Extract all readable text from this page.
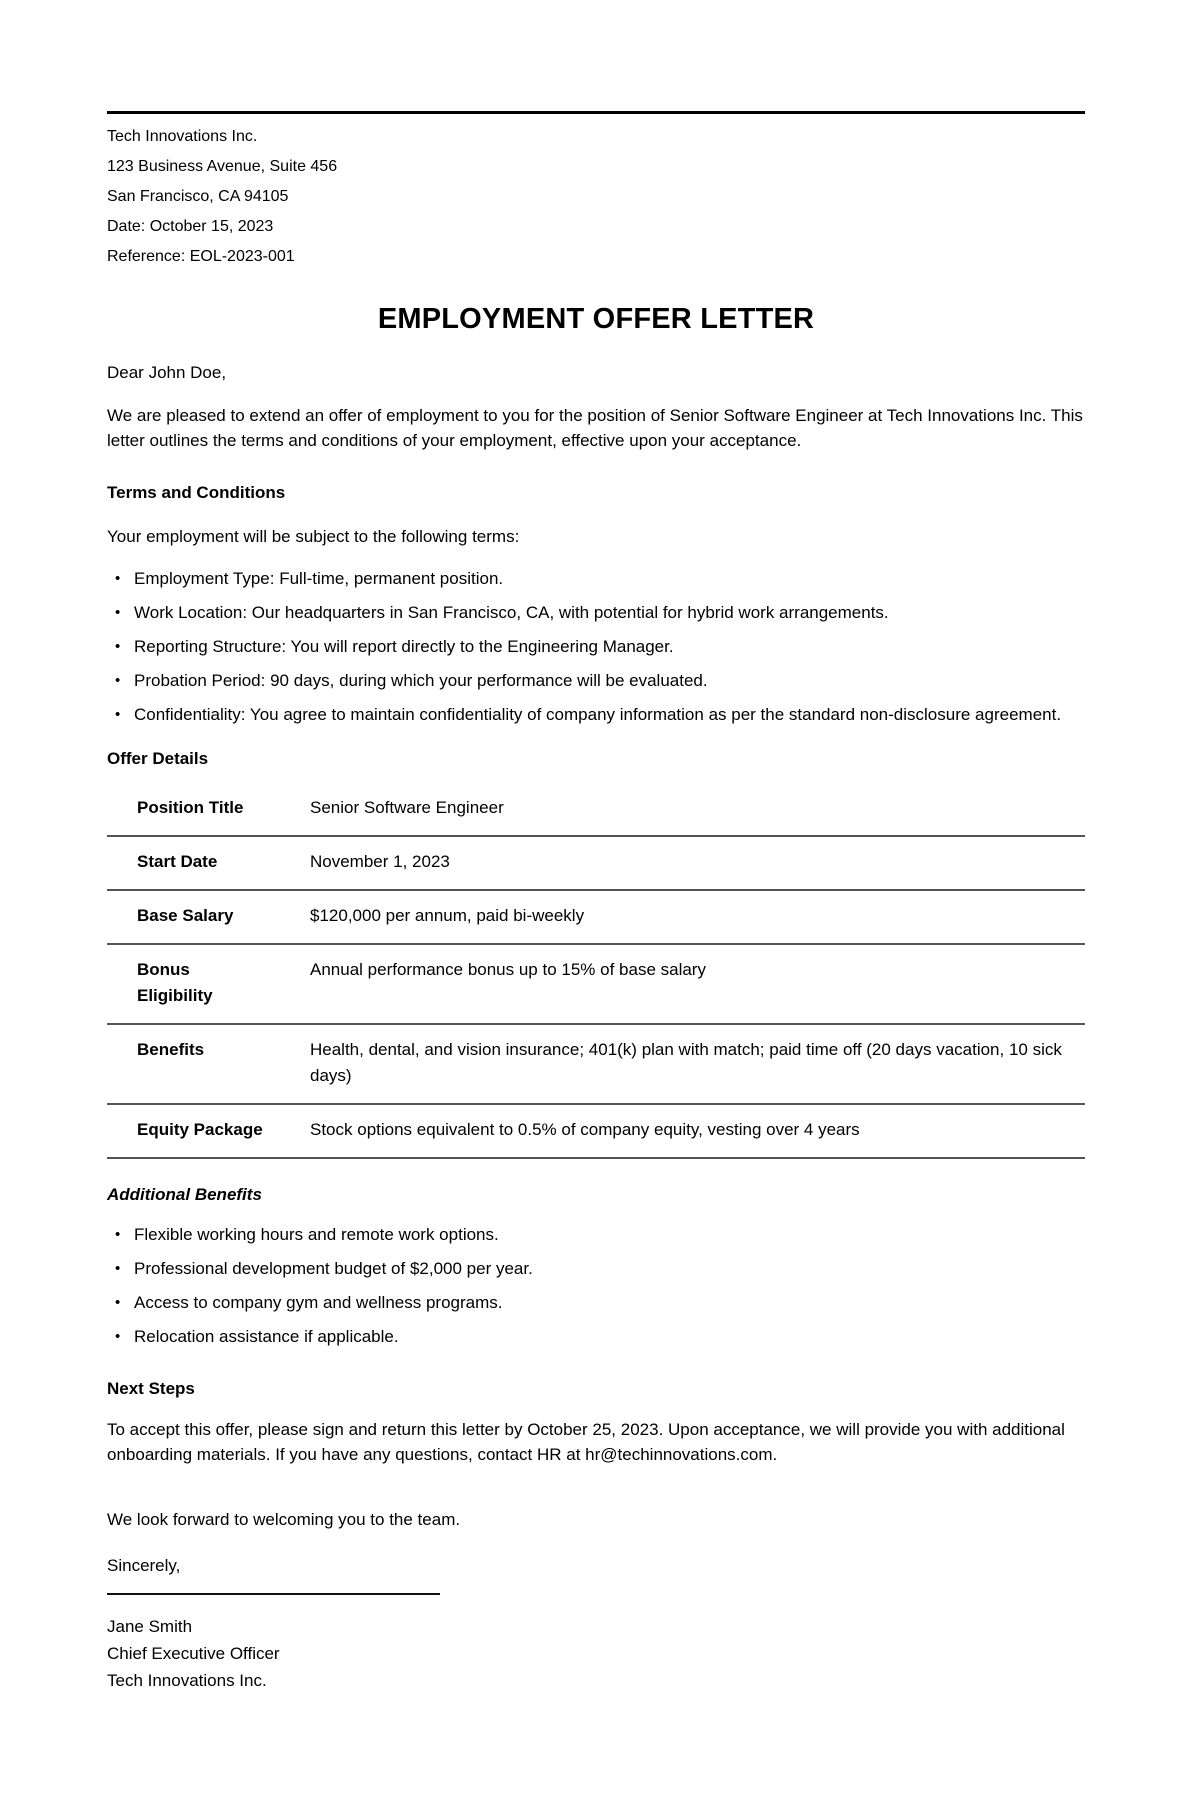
Tech Innovations Inc.

123 Business Avenue, Suite 456

San Francisco, CA 94105

Date: October 15, 2023

Reference: EOL-2023-001

EMPLOYMENT OFFER LETTER

Dear John Doe,

We are pleased to extend an offer of employment to you for the position of Senior Software Engineer at Tech Innovations Inc. This letter outlines the terms and conditions of your employment, effective upon your acceptance.

Terms and Conditions

Your employment will be subject to the following terms:

• Employment Type: Full-time, permanent position.
• Work Location: Our headquarters in San Francisco, CA, with potential for hybrid work arrangements.
• Reporting Structure: You will report directly to the Engineering Manager.
• Probation Period: 90 days, during which your performance will be evaluated.
• Confidentiality: You agree to maintain confidentiality of company information as per the standard non-disclosure agreement.
Offer Details
Position Title	Senior Software Engineer
Start Date	November 1, 2023
Base Salary	$120,000 per annum, paid bi-weekly
Bonus Eligibility	Annual performance bonus up to 15% of base salary
Benefits	Health, dental, and vision insurance; 401(k) plan with match; paid time off (20 days vacation, 10 sick days)
Equity Package	Stock options equivalent to 0.5% of company equity, vesting over 4 years
Additional Benefits
• Flexible working hours and remote work options.
• Professional development budget of $2,000 per year.
• Access to company gym and wellness programs.
• Relocation assistance if applicable.
Next Steps

To accept this offer, please sign and return this letter by October 25, 2023. Upon acceptance, we will provide you with additional onboarding materials. If you have any questions, contact HR at hr@techinnovations.com.

We look forward to welcoming you to the team.

Sincerely,

Jane Smith

Chief Executive Officer

Tech Innovations Inc.
